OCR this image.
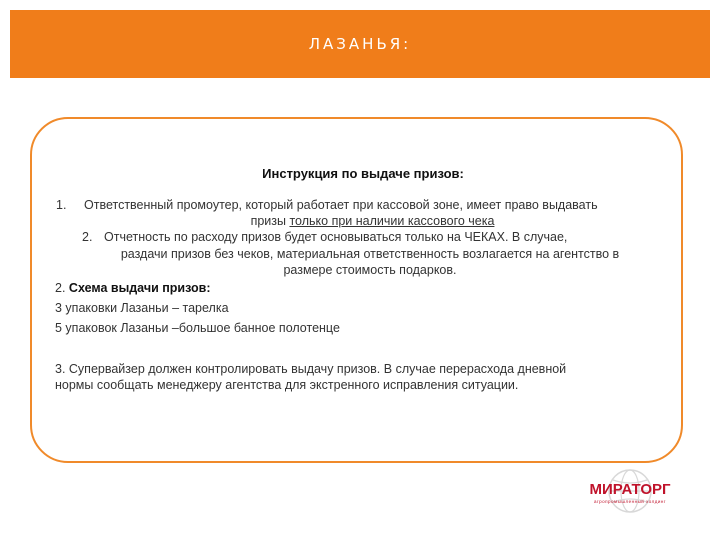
ЛАЗАНЬЯ:
Инструкция по выдаче призов:
1. Ответственный промоутер, который работает при кассовой зоне, имеет право выдавать
призы только при наличии кассового чека
2. Отчетность по расходу призов будет основываться только на ЧЕКАХ. В случае,
раздачи призов без чеков, материальная ответственность возлагается на агентство в
размере стоимость подарков.
2. Схема выдачи призов:
3 упаковки Лазаньи – тарелка
5 упаковок Лазаньи –большое банное полотенце
3. Супервайзер должен контролировать выдачу призов. В случае перерасхода дневной
нормы сообщать менеджеру агентства для экстренного исправления ситуации.
МИРАТОРГ
агропромышленный холдинг
